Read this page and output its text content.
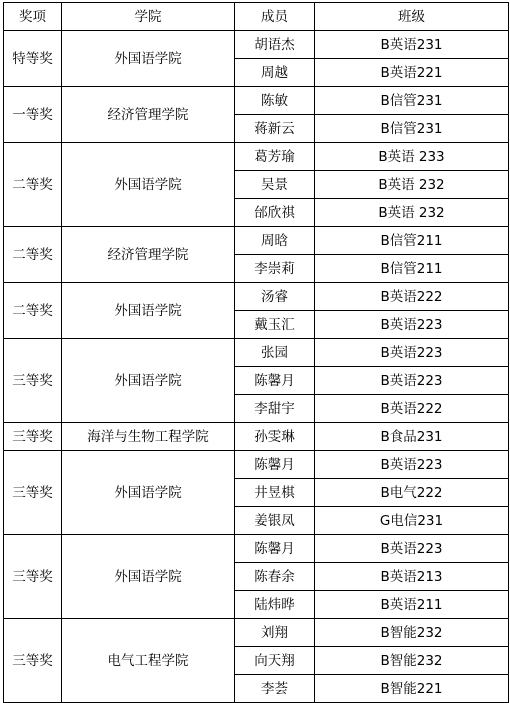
奖项	学院	成员	班级
特等奖	外国语学院	胡语杰	B英语231
		周越	B英语221
一等奖	经济管理学院	陈敏	B信管231
		蒋新云	B信管231
二等奖	外国语学院	葛芳瑜	B英语 233
		吴景	B英语 232
		邰欣祺	B英语 232
二等奖	经济管理学院	周晗	B信管211
		李崇莉	B信管211
二等奖	外国语学院	汤睿	B英语222
		戴玉汇	B英语223
三等奖	外国语学院	张园	B英语223
		陈馨月	B英语223
		李甜宇	B英语222
三等奖	海洋与生物工程学院	孙雯琳	B食品231
三等奖	外国语学院	陈馨月	B英语223
		井昱棋	B电气222
		姜银凤	G电信231
三等奖	外国语学院	陈馨月	B英语223
		陈春余	B英语213
		陆炜晔	B英语211
三等奖	电气工程学院	刘翔	B智能232
		向天翔	B智能232
		李荟	B智能221
